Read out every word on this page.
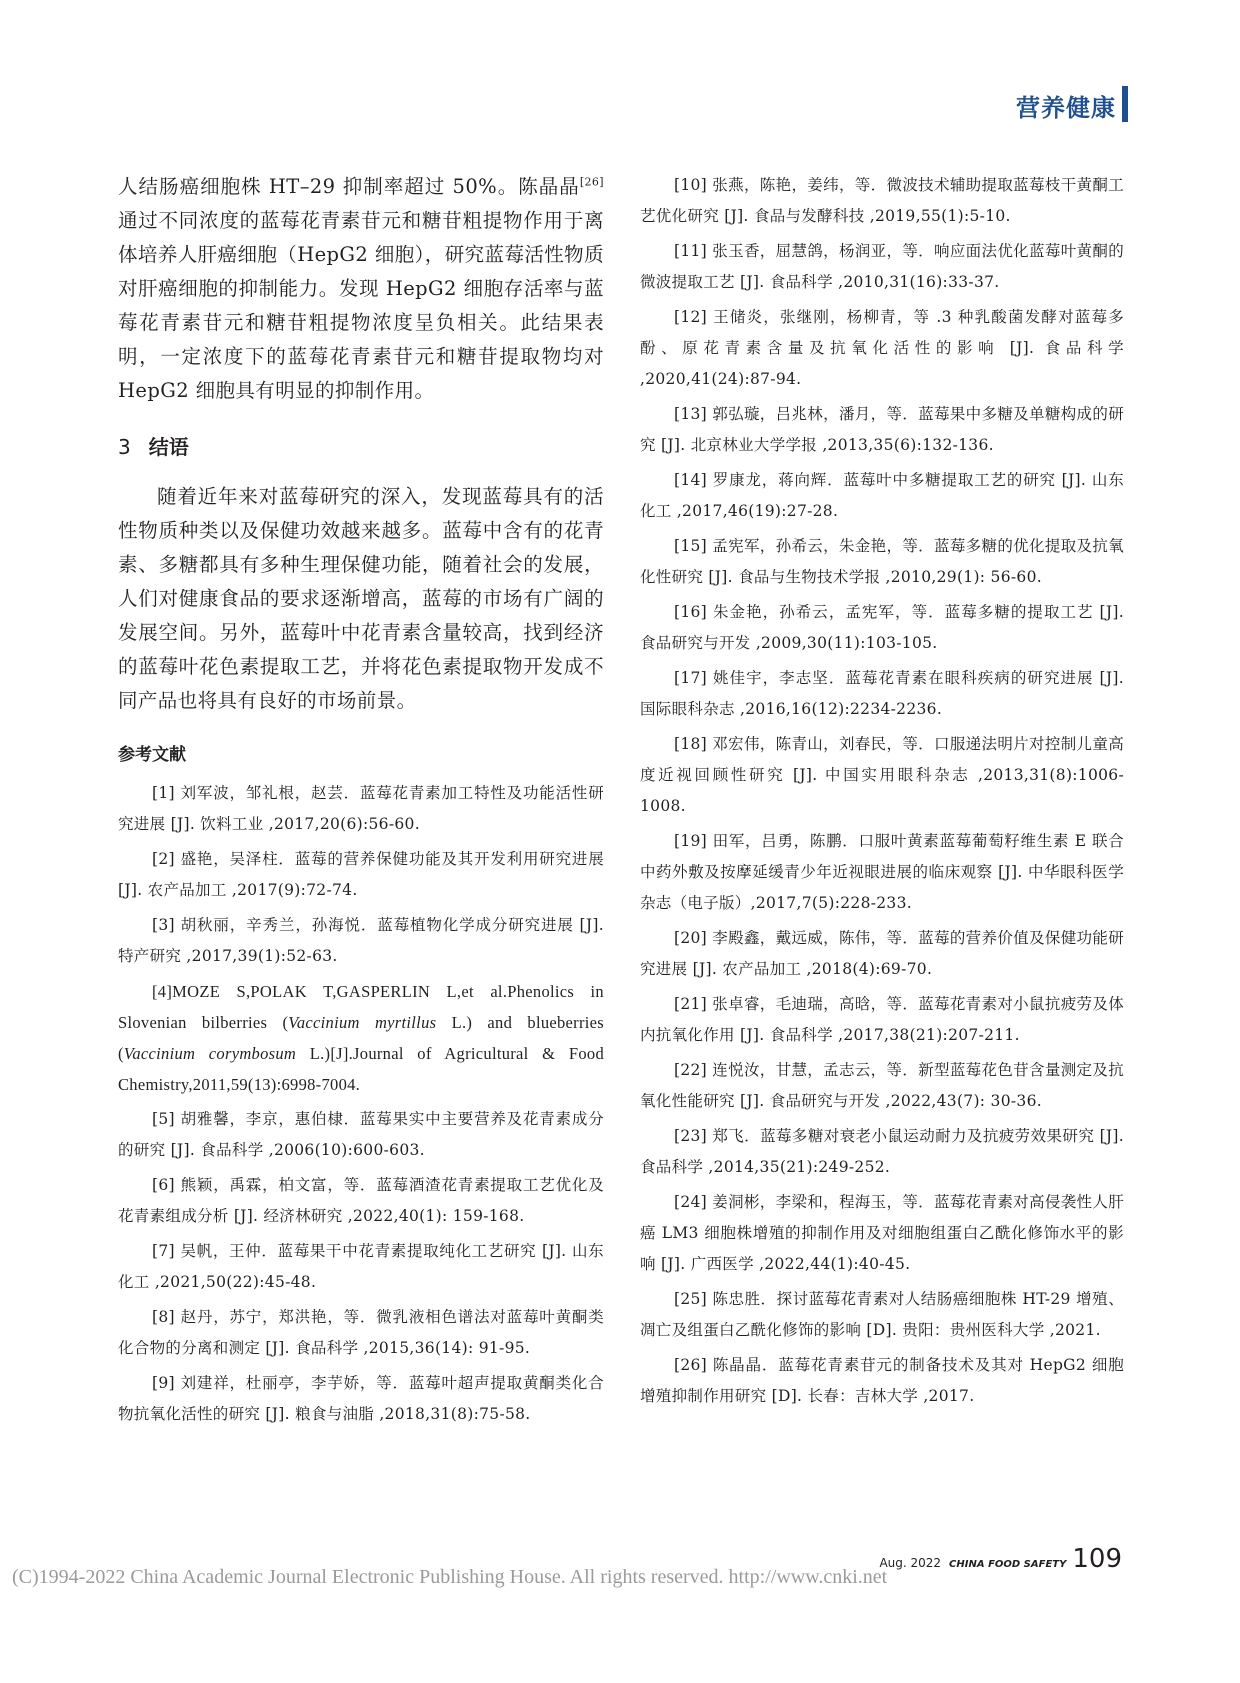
营养健康

人结肠癌细胞株 HT–29 抑制率超过 50%。陈晶晶[26]通过不同浓度的蓝莓花青素苷元和糖苷粗提物作用于离体培养人肝癌细胞（HepG2 细胞），研究蓝莓活性物质对肝癌细胞的抑制能力。发现 HepG2 细胞存活率与蓝莓花青素苷元和糖苷粗提物浓度呈负相关。此结果表明，一定浓度下的蓝莓花青素苷元和糖苷提取物均对 HepG2 细胞具有明显的抑制作用。

3 结语

随着近年来对蓝莓研究的深入，发现蓝莓具有的活性物质种类以及保健功效越来越多。蓝莓中含有的花青素、多糖都具有多种生理保健功能，随着社会的发展，人们对健康食品的要求逐渐增高，蓝莓的市场有广阔的发展空间。另外，蓝莓叶中花青素含量较高，找到经济的蓝莓叶花色素提取工艺，并将花色素提取物开发成不同产品也将具有良好的市场前景。

参考文献

[1] 刘军波，邹礼根，赵芸．蓝莓花青素加工特性及功能活性研究进展 [J]. 饮料工业 ,2017,20(6):56-60.

[2] 盛艳，吴泽柱．蓝莓的营养保健功能及其开发利用研究进展 [J]. 农产品加工 ,2017(9):72-74.

[3] 胡秋丽，辛秀兰，孙海悦．蓝莓植物化学成分研究进展 [J]. 特产研究 ,2017,39(1):52-63.

[4]MOZE S,POLAK T,GASPERLIN L,et al.Phenolics in Slovenian bilberries (Vaccinium myrtillus L.) and blueberries (Vaccinium corymbosum L.)[J].Journal of Agricultural & Food Chemistry,2011,59(13):6998-7004.

[5] 胡雅馨，李京，惠伯棣．蓝莓果实中主要营养及花青素成分的研究 [J]. 食品科学 ,2006(10):600-603.

[6] 熊颖，禹霖，柏文富，等．蓝莓酒渣花青素提取工艺优化及花青素组成分析 [J]. 经济林研究 ,2022,40(1): 159-168.

[7] 吴帆，王仲．蓝莓果干中花青素提取纯化工艺研究 [J]. 山东化工 ,2021,50(22):45-48.

[8] 赵丹，苏宁，郑洪艳，等．微乳液相色谱法对蓝莓叶黄酮类化合物的分离和测定 [J]. 食品科学 ,2015,36(14): 91-95.

[9] 刘建祥，杜丽亭，李芋娇，等．蓝莓叶超声提取黄酮类化合物抗氧化活性的研究 [J]. 粮食与油脂 ,2018,31(8):75-58.

[10] 张燕，陈艳，姜纬，等．微波技术辅助提取蓝莓枝干黄酮工艺优化研究 [J]. 食品与发酵科技 ,2019,55(1):5-10.

[11] 张玉香，屈慧鸽，杨润亚，等．响应面法优化蓝莓叶黄酮的微波提取工艺 [J]. 食品科学 ,2010,31(16):33-37.

[12] 王储炎，张继刚，杨柳青，等 .3 种乳酸菌发酵对蓝莓多酚、原花青素含量及抗氧化活性的影响 [J]. 食品科学 ,2020,41(24):87-94.

[13] 郭弘璇，吕兆林，潘月，等．蓝莓果中多糖及单糖构成的研究 [J]. 北京林业大学学报 ,2013,35(6):132-136.

[14] 罗康龙，蒋向辉．蓝莓叶中多糖提取工艺的研究 [J]. 山东化工 ,2017,46(19):27-28.

[15] 孟宪军，孙希云，朱金艳，等．蓝莓多糖的优化提取及抗氧化性研究 [J]. 食品与生物技术学报 ,2010,29(1): 56-60.

[16] 朱金艳，孙希云，孟宪军，等．蓝莓多糖的提取工艺 [J]. 食品研究与开发 ,2009,30(11):103-105.

[17] 姚佳宇，李志坚．蓝莓花青素在眼科疾病的研究进展 [J]. 国际眼科杂志 ,2016,16(12):2234-2236.

[18] 邓宏伟，陈青山，刘春民，等．口服递法明片对控制儿童高度近视回顾性研究 [J]. 中国实用眼科杂志 ,2013,31(8):1006-1008.

[19] 田军，吕勇，陈鹏．口服叶黄素蓝莓葡萄籽维生素 E 联合中药外敷及按摩延缓青少年近视眼进展的临床观察 [J]. 中华眼科医学杂志（电子版）,2017,7(5):228-233.

[20] 李殿鑫，戴远威，陈伟，等．蓝莓的营养价值及保健功能研究进展 [J]. 农产品加工 ,2018(4):69-70.

[21] 张卓睿，毛迪瑞，高晗，等．蓝莓花青素对小鼠抗疲劳及体内抗氧化作用 [J]. 食品科学 ,2017,38(21):207-211.

[22] 连悦汝，甘慧，孟志云，等．新型蓝莓花色苷含量测定及抗氧化性能研究 [J]. 食品研究与开发 ,2022,43(7): 30-36.

[23] 郑飞．蓝莓多糖对衰老小鼠运动耐力及抗疲劳效果研究 [J]. 食品科学 ,2014,35(21):249-252.

[24] 姜洞彬，李梁和，程海玉，等．蓝莓花青素对高侵袭性人肝癌 LM3 细胞株增殖的抑制作用及对细胞组蛋白乙酰化修饰水平的影响 [J]. 广西医学 ,2022,44(1):40-45.

[25] 陈忠胜．探讨蓝莓花青素对人结肠癌细胞株 HT-29 增殖、凋亡及组蛋白乙酰化修饰的影响 [D]. 贵阳：贵州医科大学 ,2021.

[26] 陈晶晶．蓝莓花青素苷元的制备技术及其对 HepG2 细胞增殖抑制作用研究 [D]. 长春：吉林大学 ,2017.

Aug. 2022 CHINA FOOD SAFETY 109
(C)1994-2022 China Academic Journal Electronic Publishing House. All rights reserved. http://www.cnki.net
